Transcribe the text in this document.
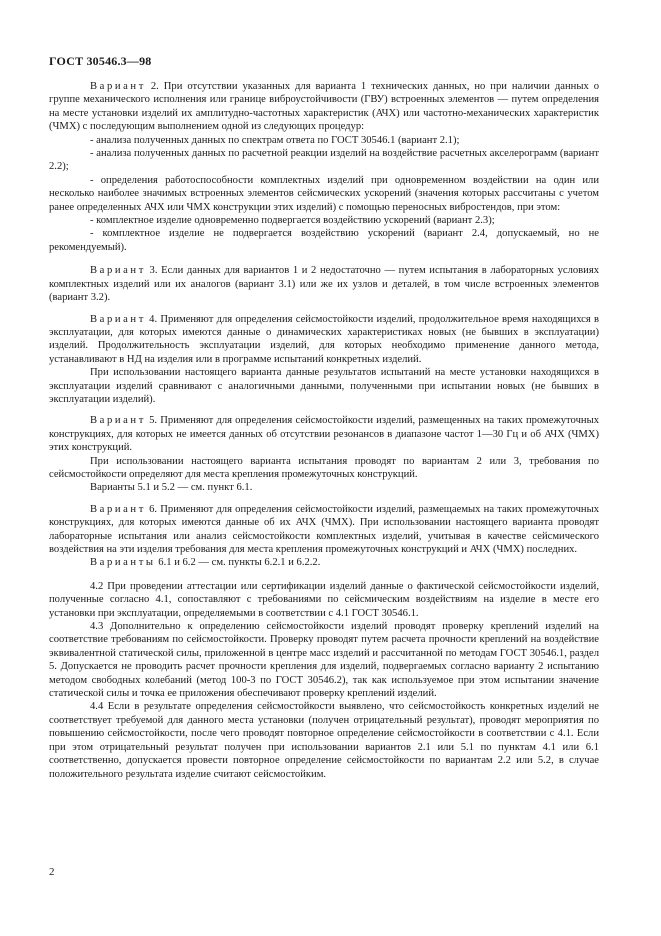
ГОСТ 30546.3—98

Вариант 2. При отсутствии указанных для варианта 1 технических данных, но при наличии данных о группе механического исполнения или границе виброустойчивости (ГВУ) встроенных элементов — путем определения на месте установки изделий их амплитудно-частотных характеристик (АЧХ) или частотно-механических характеристик (ЧМХ) с последующим выполнением одной из следующих процедур:

- анализа полученных данных по спектрам ответа по ГОСТ 30546.1 (вариант 2.1);

- анализа полученных данных по расчетной реакции изделий на воздействие расчетных акселерограмм (вариант 2.2);

- определения работоспособности комплектных изделий при одновременном воздействии на один или несколько наиболее значимых встроенных элементов сейсмических ускорений (значения которых рассчитаны с учетом ранее определенных АЧХ или ЧМХ конструкции этих изделий) с помощью переносных вибростендов, при этом:

- комплектное изделие одновременно подвергается воздействию ускорений (вариант 2.3);

- комплектное изделие не подвергается воздействию ускорений (вариант 2.4, допускаемый, но не рекомендуемый).

Вариант 3. Если данных для вариантов 1 и 2 недостаточно — путем испытания в лабораторных условиях комплектных изделий или их аналогов (вариант 3.1) или же их узлов и деталей, в том числе встроенных элементов (вариант 3.2).

Вариант 4. Применяют для определения сейсмостойкости изделий, продолжительное время находящихся в эксплуатации, для которых имеются данные о динамических характеристиках новых (не бывших в эксплуатации) изделий. Продолжительность эксплуатации изделий, для которых необходимо применение данного метода, устанавливают в НД на изделия или в программе испытаний конкретных изделий.

При использовании настоящего варианта данные результатов испытаний на месте установки находящихся в эксплуатации изделий сравнивают с аналогичными данными, полученными при испытании новых (не бывших в эксплуатации изделий).

Вариант 5. Применяют для определения сейсмостойкости изделий, размещенных на таких промежуточных конструкциях, для которых не имеется данных об отсутствии резонансов в диапазоне частот 1—30 Гц и об АЧХ (ЧМХ) этих конструкций.

При использовании настоящего варианта испытания проводят по вариантам 2 или 3, требования по сейсмостойкости определяют для места крепления промежуточных конструкций.

Варианты 5.1 и 5.2 — см. пункт 6.1.

Вариант 6. Применяют для определения сейсмостойкости изделий, размещаемых на таких промежуточных конструкциях, для которых имеются данные об их АЧХ (ЧМХ). При использовании настоящего варианта проводят лабораторные испытания или анализ сейсмостойкости комплектных изделий, учитывая в качестве сейсмического воздействия на эти изделия требования для места крепления промежуточных конструкций и АЧХ (ЧМХ) последних.

Варианты 6.1 и 6.2 — см. пункты 6.2.1 и 6.2.2.

4.2 При проведении аттестации или сертификации изделий данные о фактической сейсмостойкости изделий, полученные согласно 4.1, сопоставляют с требованиями по сейсмическим воздействиям на изделие в месте его установки при эксплуатации, определяемыми в соответствии с 4.1 ГОСТ 30546.1.

4.3 Дополнительно к определению сейсмостойкости изделий проводят проверку креплений изделий на соответствие требованиям по сейсмостойкости. Проверку проводят путем расчета прочности креплений на воздействие эквивалентной статической силы, приложенной в центре масс изделий и рассчитанной по методам ГОСТ 30546.1, раздел 5. Допускается не проводить расчет прочности крепления для изделий, подвергаемых согласно варианту 2 испытанию методом свободных колебаний (метод 100-3 по ГОСТ 30546.2), так как используемое при этом испытании значение статической силы и точка ее приложения обеспечивают проверку креплений изделий.

4.4 Если в результате определения сейсмостойкости выявлено, что сейсмостойкость конкретных изделий не соответствует требуемой для данного места установки (получен отрицательный результат), проводят мероприятия по повышению сейсмостойкости, после чего проводят повторное определение сейсмостойкости в соответствии с 4.1. Если при этом отрицательный результат получен при использовании вариантов 2.1 или 5.1 по пунктам 4.1 или 6.1 соответственно, допускается провести повторное определение сейсмостойкости по вариантам 2.2 или 5.2, в случае положительного результата изделие считают сейсмостойким.

2
